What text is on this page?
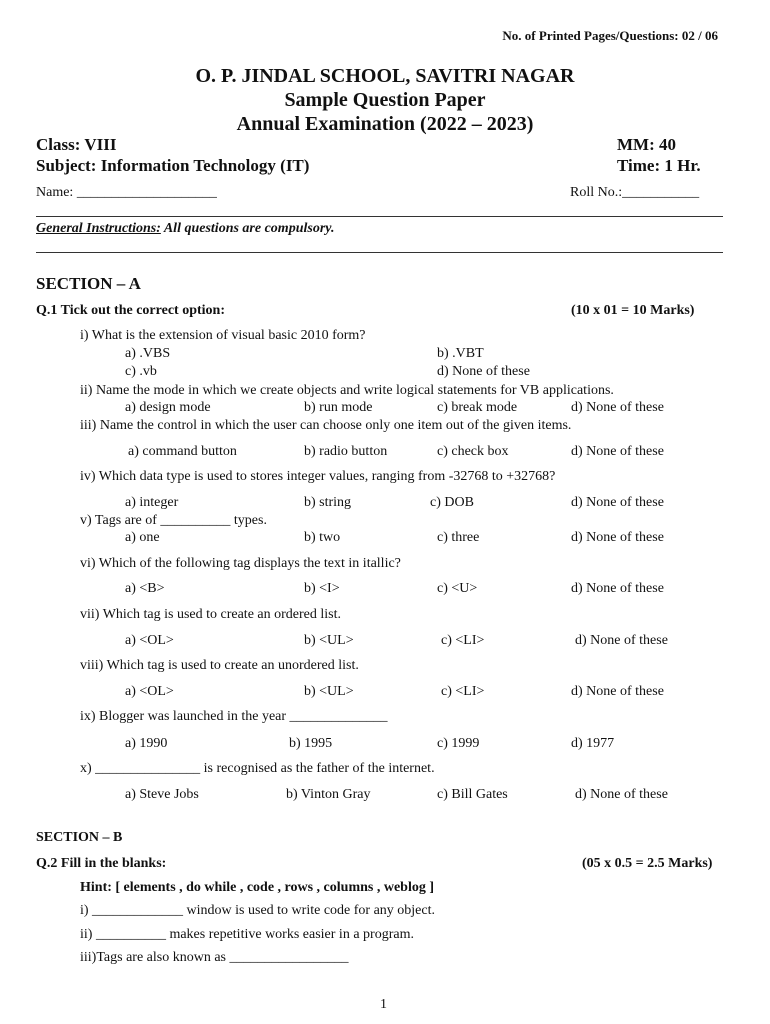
No. of Printed Pages/Questions: 02 / 06
O. P. JINDAL SCHOOL, SAVITRI NAGAR
Sample Question Paper
Annual Examination (2022 – 2023)
Class: VIII
Subject: Information Technology (IT)
MM: 40
Time: 1 Hr.
Name: ____________________	Roll No.:___________
General Instructions: All questions are compulsory.
SECTION – A
Q.1 Tick out the correct option:	(10 x 01 = 10 Marks)
i) What is the extension of visual basic 2010 form?
a) .VBS	b) .VBT
c) .vb	d) None of these
ii) Name the mode in which we create objects and write logical statements for VB applications.
a) design mode	b) run mode	c) break mode	d) None of these
iii) Name the control in which the user can choose only one item out of the given items.
a) command button	b) radio button	c) check box	d) None of these
iv) Which data type is used to stores integer values, ranging from -32768 to +32768?
a) integer	b) string	c) DOB	d) None of these
v) Tags are of __________ types.
a) one	b) two	c) three	d) None of these
vi) Which of the following tag displays the text in itallic?
a) <B>	b) <I>	c) <U>	d) None of these
vii) Which tag is used to create an ordered list.
a) <OL>	b) <UL>	c) <LI>	d) None of these
viii) Which tag is used to create an unordered list.
a) <OL>	b) <UL>	c) <LI>	d) None of these
ix) Blogger was launched in the year ______________
a) 1990	b) 1995	c) 1999	d) 1977
x) _______________ is recognised as the father of the internet.
a) Steve Jobs	b) Vinton Gray	c) Bill Gates	d) None of these
SECTION – B
Q.2 Fill in the blanks:	(05 x 0.5 = 2.5 Marks)
Hint: [ elements , do while , code , rows , columns , weblog ]
i) _____________ window is used to write code for any object.
ii) __________ makes repetitive works easier in a program.
iii)Tags are also known as _________________
1
